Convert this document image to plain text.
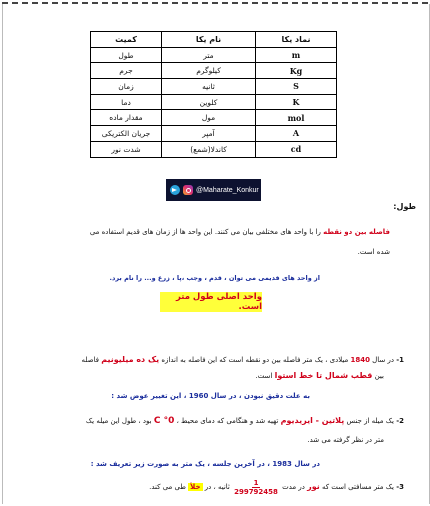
نماد یکا	نام یکا	کمیت
m	متر	طول
Kg	کیلوگرم	جرم
S	ثانیه	زمان
K	کلوین	دما
mol	مول	مقدار ماده
A	آمپر	جریان الکتریکی
cd	کاندلا(شمع)	شدت نور
@Maharate_Konkur
طول:
فاصله بین دو نقطه را با واحد های مختلفی بیان می کنند. این واحد ها از زمان های قدیم استفاده می
شده است.
از واحد های قدیمی می توان ، قدم ، وجب ،پا ، زرع و... را نام برد.
واحد اصلی طول متر است.
1- در سال 1840 میلادی ، یک متر فاصله بین دو نقطه است که این فاصله به اندازه یک ده میلیونیم فاصله
بین قطب شمال تا خط استوا است.
به علت دقیق نبودن ، در سال 1960 ، این تغییر عوض شد :
2- یک میله از جنس پلاتین - ایریدیوم تهیه شد و هنگامی که دمای محیط ، 0° C بود ، طول این میله یک
متر در نظر گرفته می شد.
در سال 1983 ، در آخرین جلسه ، یک متر به صورت زیر تعریف شد :
3- یک متر مسافتی است که نور در مدت
$\frac{1}{299792458}$
ثانیه ، در خلأ طی می کند.
